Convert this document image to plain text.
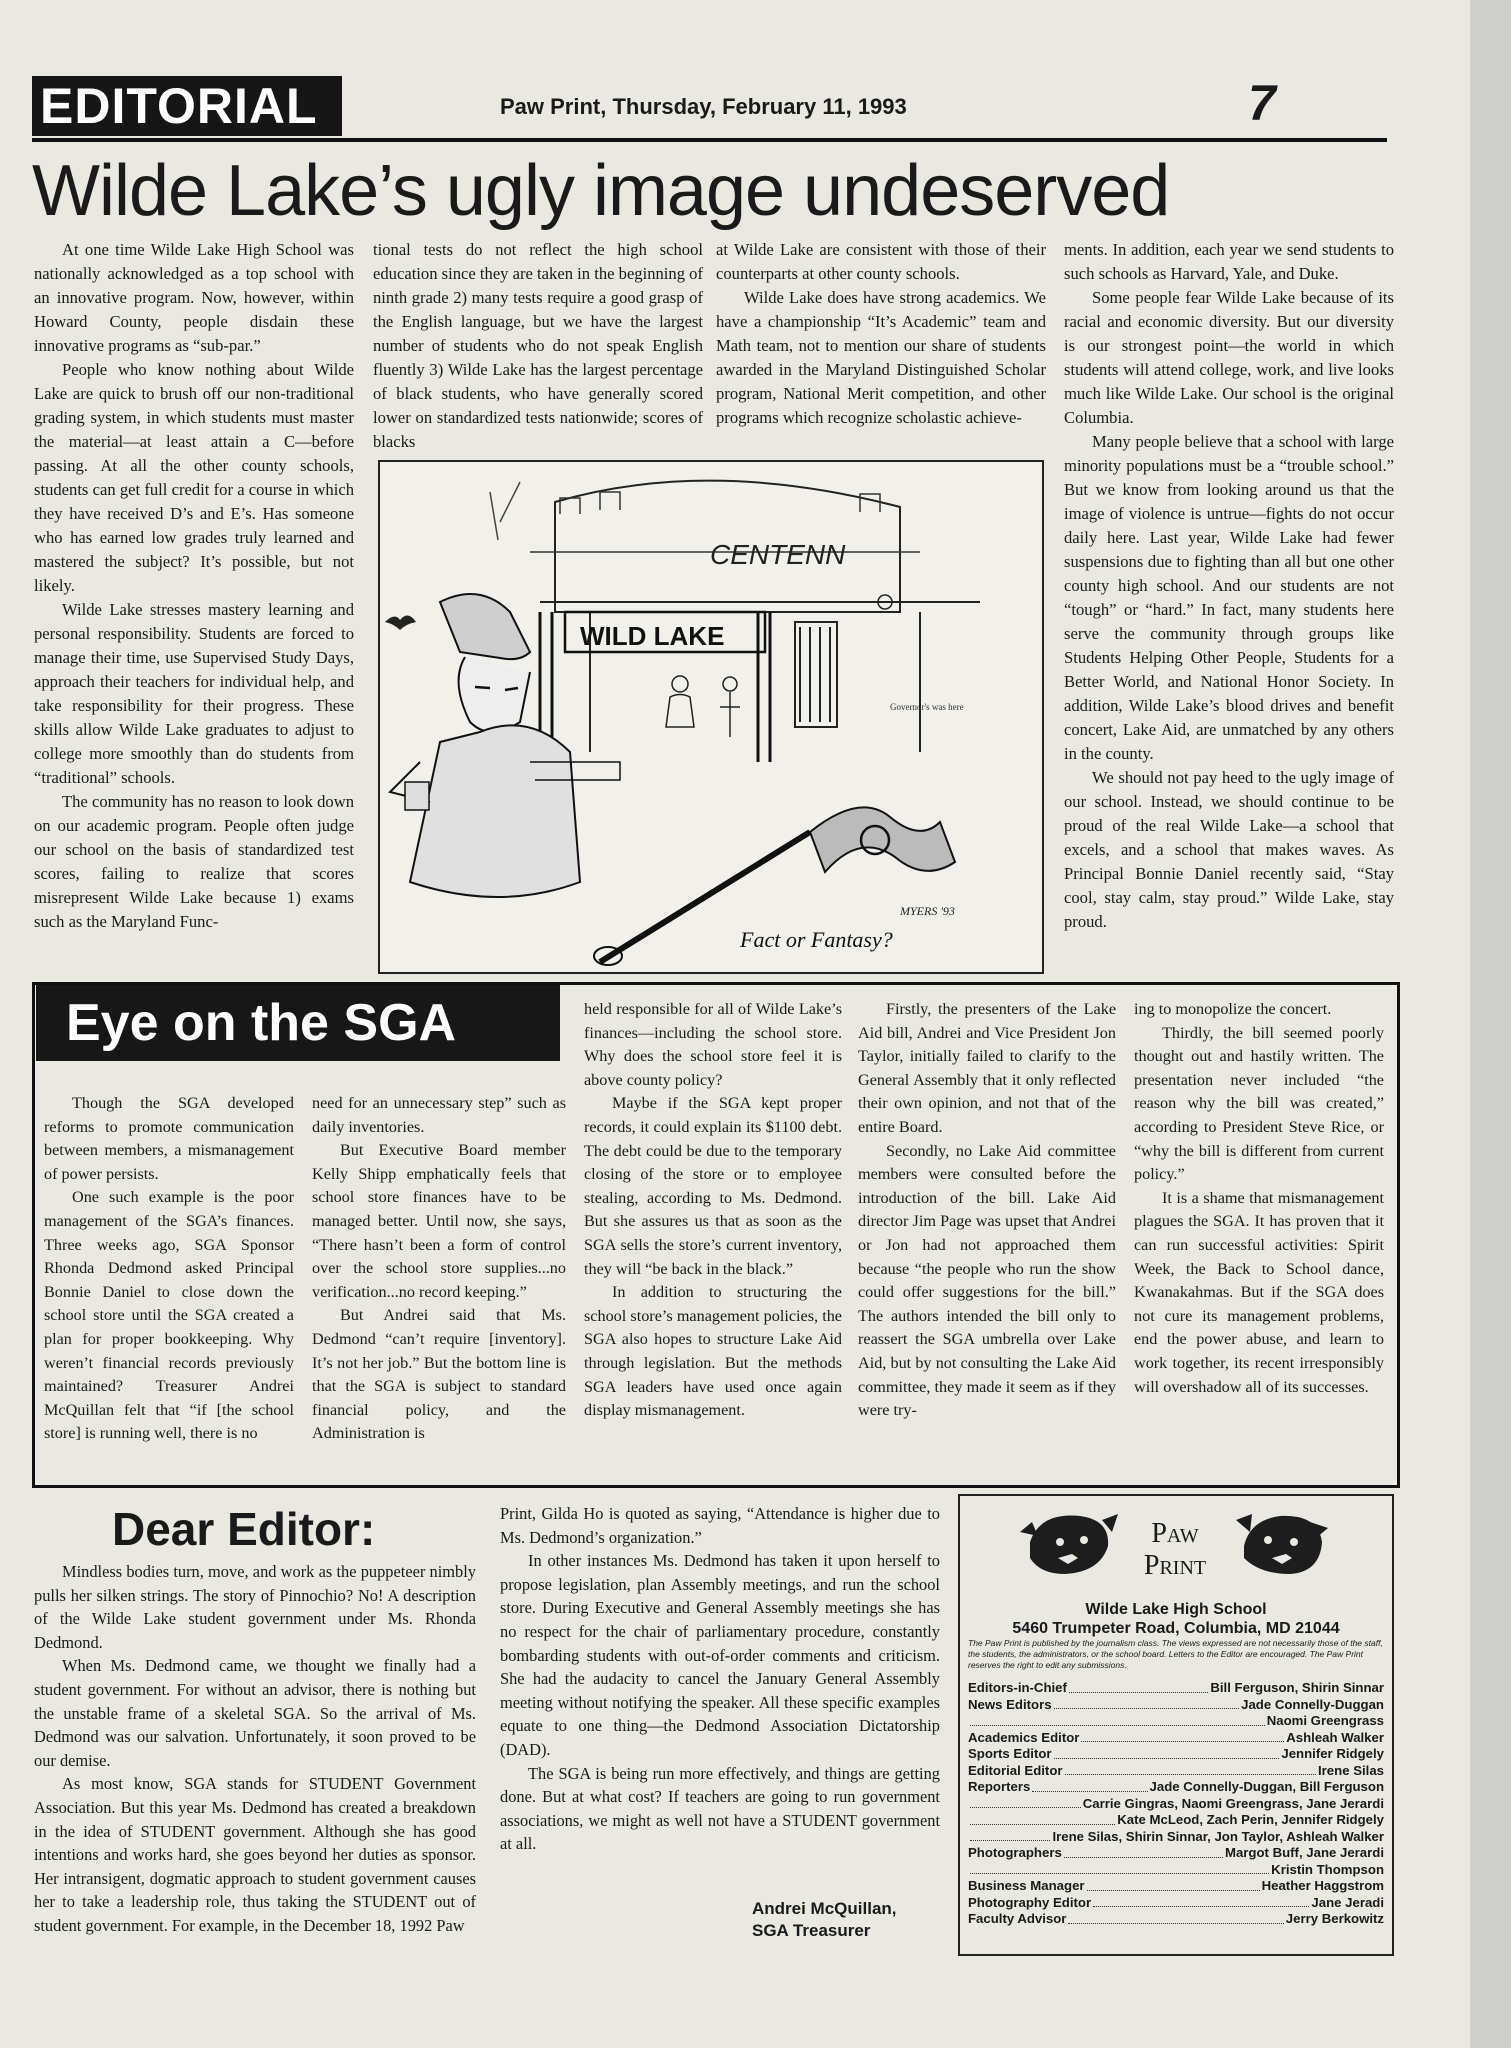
EDITORIAL	Paw Print, Thursday, February 11, 1993	7
Wilde Lake’s ugly image undeserved

At one time Wilde Lake High School was nationally acknowledged as a top school with an innovative program. Now, however, within Howard County, people disdain these innovative programs as “sub-par.”

People who know nothing about Wilde Lake are quick to brush off our non-traditional grading system, in which students must master the material—at least attain a C—before passing. At all the other county schools, students can get full credit for a course in which they have received D’s and E’s. Has someone who has earned low grades truly learned and mastered the subject? It’s possible, but not likely.

Wilde Lake stresses mastery learning and personal responsibility. Students are forced to manage their time, use Supervised Study Days, approach their teachers for individual help, and take responsibility for their progress. These skills allow Wilde Lake graduates to adjust to college more smoothly than do students from “traditional” schools.

The community has no reason to look down on our academic program. People often judge our school on the basis of standardized test scores, failing to realize that scores misrepresent Wilde Lake because 1) exams such as the Maryland Func-

tional tests do not reflect the high school education since they are taken in the beginning of ninth grade 2) many tests require a good grasp of the English language, but we have the largest number of students who do not speak English fluently 3) Wilde Lake has the largest percentage of black students, who have generally scored lower on standardized tests nationwide; scores of blacks

at Wilde Lake are consistent with those of their counterparts at other county schools.

Wilde Lake does have strong academics. We have a championship “It’s Academic” team and Math team, not to mention our share of students awarded in the Maryland Distinguished Scholar program, National Merit competition, and other programs which recognize scholastic achieve-

ments. In addition, each year we send students to such schools as Harvard, Yale, and Duke.

Some people fear Wilde Lake because of its racial and economic diversity. But our diversity is our strongest point—the world in which students will attend college, work, and live looks much like Wilde Lake. Our school is the original Columbia.

Many people believe that a school with large minority populations must be a “trouble school.” But we know from looking around us that the image of violence is untrue—fights do not occur daily here. Last year, Wilde Lake had fewer suspensions due to fighting than all but one other county high school. And our students are not “tough” or “hard.” In fact, many students here serve the community through groups like Students Helping Other People, Students for a Better World, and National Honor Society. In addition, Wilde Lake’s blood drives and benefit concert, Lake Aid, are unmatched by any others in the county.

We should not pay heed to the ugly image of our school. Instead, we should continue to be proud of the real Wilde Lake—a school that excels, and a school that makes waves. As Principal Bonnie Daniel recently said, “Stay cool, stay calm, stay proud.” Wilde Lake, stay proud.

CENTENN
WILD LAKE
Governor's was here
MYERS '93
Fact or Fantasy?
Eye on the SGA

Though the SGA developed reforms to promote communication between members, a mismanagement of power persists.

One such example is the poor management of the SGA’s finances. Three weeks ago, SGA Sponsor Rhonda Dedmond asked Principal Bonnie Daniel to close down the school store until the SGA created a plan for proper bookkeeping. Why weren’t financial records previously maintained? Treasurer Andrei McQuillan felt that “if [the school store] is running well, there is no

need for an unnecessary step” such as daily inventories.

But Executive Board member Kelly Shipp emphatically feels that school store finances have to be managed better. Until now, she says, “There hasn’t been a form of control over the school store supplies...no verification...no record keeping.”

But Andrei said that Ms. Dedmond “can’t require [inventory]. It’s not her job.” But the bottom line is that the SGA is subject to standard financial policy, and the Administration is

held responsible for all of Wilde Lake’s finances—including the school store. Why does the school store feel it is above county policy?

Maybe if the SGA kept proper records, it could explain its $1100 debt. The debt could be due to the temporary closing of the store or to employee stealing, according to Ms. Dedmond. But she assures us that as soon as the SGA sells the store’s current inventory, they will “be back in the black.”

In addition to structuring the school store’s management policies, the SGA also hopes to structure Lake Aid through legislation. But the methods SGA leaders have used once again display mismanagement.

Firstly, the presenters of the Lake Aid bill, Andrei and Vice President Jon Taylor, initially failed to clarify to the General Assembly that it only reflected their own opinion, and not that of the entire Board.

Secondly, no Lake Aid committee members were consulted before the introduction of the bill. Lake Aid director Jim Page was upset that Andrei or Jon had not approached them because “the people who run the show could offer suggestions for the bill.” The authors intended the bill only to reassert the SGA umbrella over Lake Aid, but by not consulting the Lake Aid committee, they made it seem as if they were try-

ing to monopolize the concert.

Thirdly, the bill seemed poorly thought out and hastily written. The presentation never included “the reason why the bill was created,” according to President Steve Rice, or “why the bill is different from current policy.”

It is a shame that mismanagement plagues the SGA. It has proven that it can run successful activities: Spirit Week, the Back to School dance, Kwanakahmas. But if the SGA does not cure its management problems, end the power abuse, and learn to work together, its recent irresponsibly will overshadow all of its successes.

Dear Editor:

Mindless bodies turn, move, and work as the puppeteer nimbly pulls her silken strings. The story of Pinnochio? No! A description of the Wilde Lake student government under Ms. Rhonda Dedmond.

When Ms. Dedmond came, we thought we finally had a student government. For without an advisor, there is nothing but the unstable frame of a skeletal SGA. So the arrival of Ms. Dedmond was our salvation. Unfortunately, it soon proved to be our demise.

As most know, SGA stands for STUDENT Government Association. But this year Ms. Dedmond has created a breakdown in the idea of STUDENT government. Although she has good intentions and works hard, she goes beyond her duties as sponsor. Her intransigent, dogmatic approach to student government causes her to take a leadership role, thus taking the STUDENT out of student government. For example, in the December 18, 1992 Paw

Print, Gilda Ho is quoted as saying, “Attendance is higher due to Ms. Dedmond’s organization.”

In other instances Ms. Dedmond has taken it upon herself to propose legislation, plan Assembly meetings, and run the school store. During Executive and General Assembly meetings she has no respect for the chair of parliamentary procedure, constantly bombarding students with out-of-order comments and criticism. She had the audacity to cancel the January General Assembly meeting without notifying the speaker. All these specific examples equate to one thing—the Dedmond Association Dictatorship (DAD).

The SGA is being run more effectively, and things are getting done. But at what cost? If teachers are going to run government associations, we might as well not have a STUDENT government at all.

Andrei McQuillan,
SGA Treasurer
Paw
Print
Wilde Lake High School
5460 Trumpeter Road, Columbia, MD 21044
The Paw Print is published by the journalism class. The views expressed are not necessarily those of the staff, the students, the administrators, or the school board. Letters to the Editor are encouraged. The Paw Print reserves the right to edit any submissions.
Editors-in-Chief	Bill Ferguson, Shirin Sinnar
News Editors	Jade Connelly-Duggan
Naomi Greengrass
Academics Editor	Ashleah Walker
Sports Editor	Jennifer Ridgely
Editorial Editor	Irene Silas
Reporters	Jade Connelly-Duggan, Bill Ferguson
Carrie Gingras, Naomi Greengrass, Jane Jerardi
Kate McLeod, Zach Perin, Jennifer Ridgely
Irene Silas, Shirin Sinnar, Jon Taylor, Ashleah Walker
Photographers	Margot Buff, Jane Jerardi
Kristin Thompson
Business Manager	Heather Haggstrom
Photography Editor	Jane Jeradi
Faculty Advisor	Jerry Berkowitz
